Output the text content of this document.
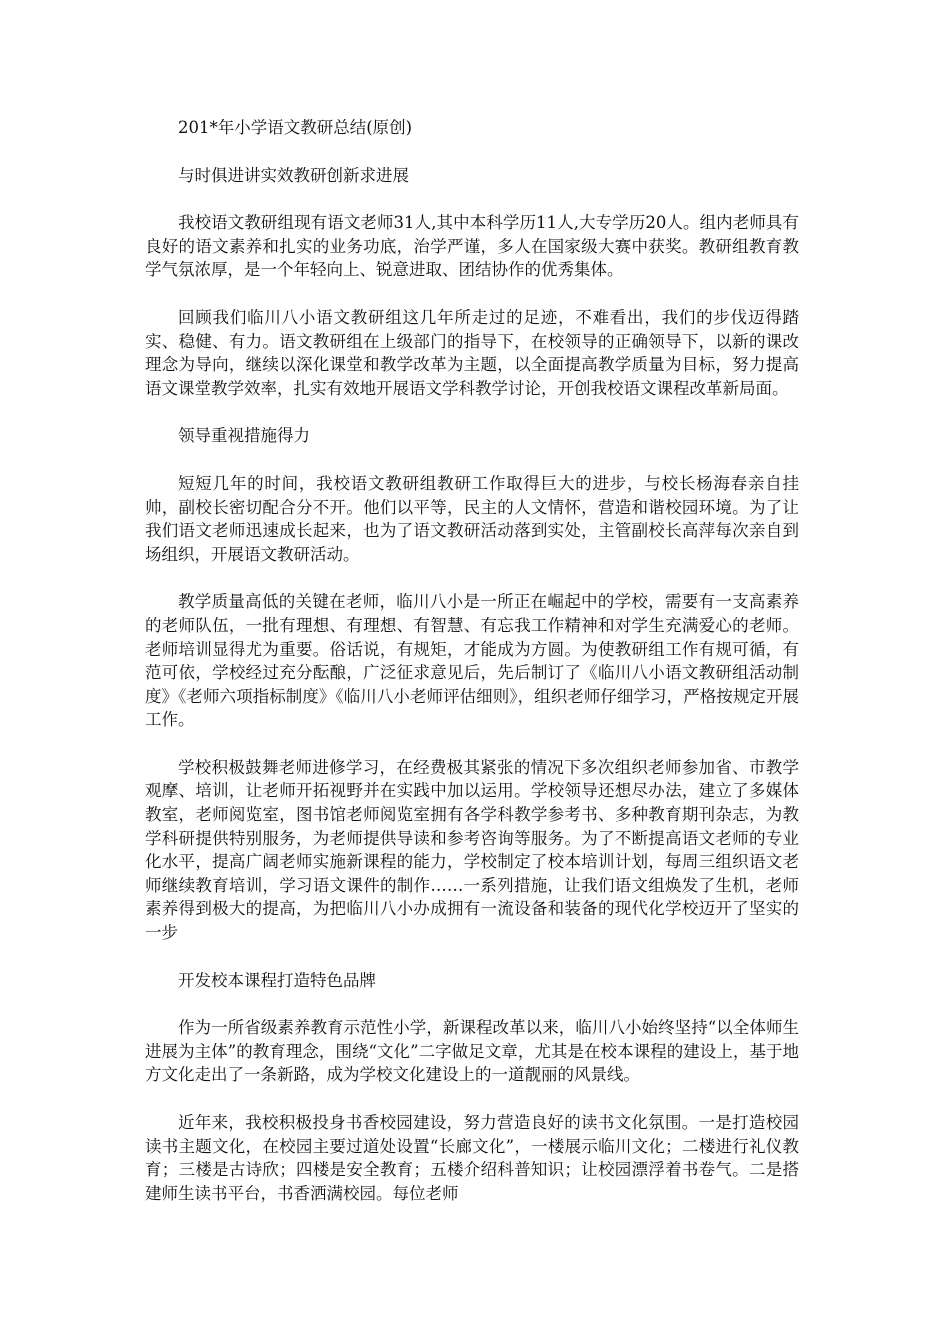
201*年小学语文教研总结(原创)

与时俱进讲实效教研创新求进展

我校语文教研组现有语文老师31人,其中本科学历11人,大专学历20人。组内老师具有良好的语文素养和扎实的业务功底，治学严谨，多人在国家级大赛中获奖。教研组教育教学气氛浓厚，是一个年轻向上、锐意进取、团结协作的优秀集体。

回顾我们临川八小语文教研组这几年所走过的足迹，不难看出，我们的步伐迈得踏实、稳健、有力。语文教研组在上级部门的指导下，在校领导的正确领导下，以新的课改理念为导向，继续以深化课堂和教学改革为主题，以全面提高教学质量为目标，努力提高语文课堂教学效率，扎实有效地开展语文学科教学讨论，开创我校语文课程改革新局面。

领导重视措施得力

短短几年的时间，我校语文教研组教研工作取得巨大的进步，与校长杨海春亲自挂帅，副校长密切配合分不开。他们以平等，民主的人文情怀，营造和谐校园环境。为了让我们语文老师迅速成长起来，也为了语文教研活动落到实处，主管副校长高萍每次亲自到场组织，开展语文教研活动。

教学质量高低的关键在老师，临川八小是一所正在崛起中的学校，需要有一支高素养的老师队伍，一批有理想、有理想、有智慧、有忘我工作精神和对学生充满爱心的老师。老师培训显得尤为重要。俗话说，有规矩，才能成为方圆。为使教研组工作有规可循，有范可依，学校经过充分酝酿，广泛征求意见后，先后制订了《临川八小语文教研组活动制度》《老师六项指标制度》《临川八小老师评估细则》，组织老师仔细学习，严格按规定开展工作。

学校积极鼓舞老师进修学习，在经费极其紧张的情况下多次组织老师参加省、市教学观摩、培训，让老师开拓视野并在实践中加以运用。学校领导还想尽办法，建立了多媒体教室，老师阅览室，图书馆老师阅览室拥有各学科教学参考书、多种教育期刊杂志，为教学科研提供特别服务，为老师提供导读和参考咨询等服务。为了不断提高语文老师的专业化水平，提高广阔老师实施新课程的能力，学校制定了校本培训计划，每周三组织语文老师继续教育培训，学习语文课件的制作……一系列措施，让我们语文组焕发了生机，老师素养得到极大的提高，为把临川八小办成拥有一流设备和装备的现代化学校迈开了坚实的一步

开发校本课程打造特色品牌

作为一所省级素养教育示范性小学，新课程改革以来，临川八小始终坚持“以全体师生进展为主体”的教育理念，围绕“文化”二字做足文章，尤其是在校本课程的建设上，基于地方文化走出了一条新路，成为学校文化建设上的一道靓丽的风景线。

近年来，我校积极投身书香校园建设，努力营造良好的读书文化氛围。一是打造校园读书主题文化，在校园主要过道处设置“长廊文化”，一楼展示临川文化；二楼进行礼仪教育；三楼是古诗欣；四楼是安全教育；五楼介绍科普知识；让校园漂浮着书卷气。二是搭建师生读书平台，书香洒满校园。每位老师
